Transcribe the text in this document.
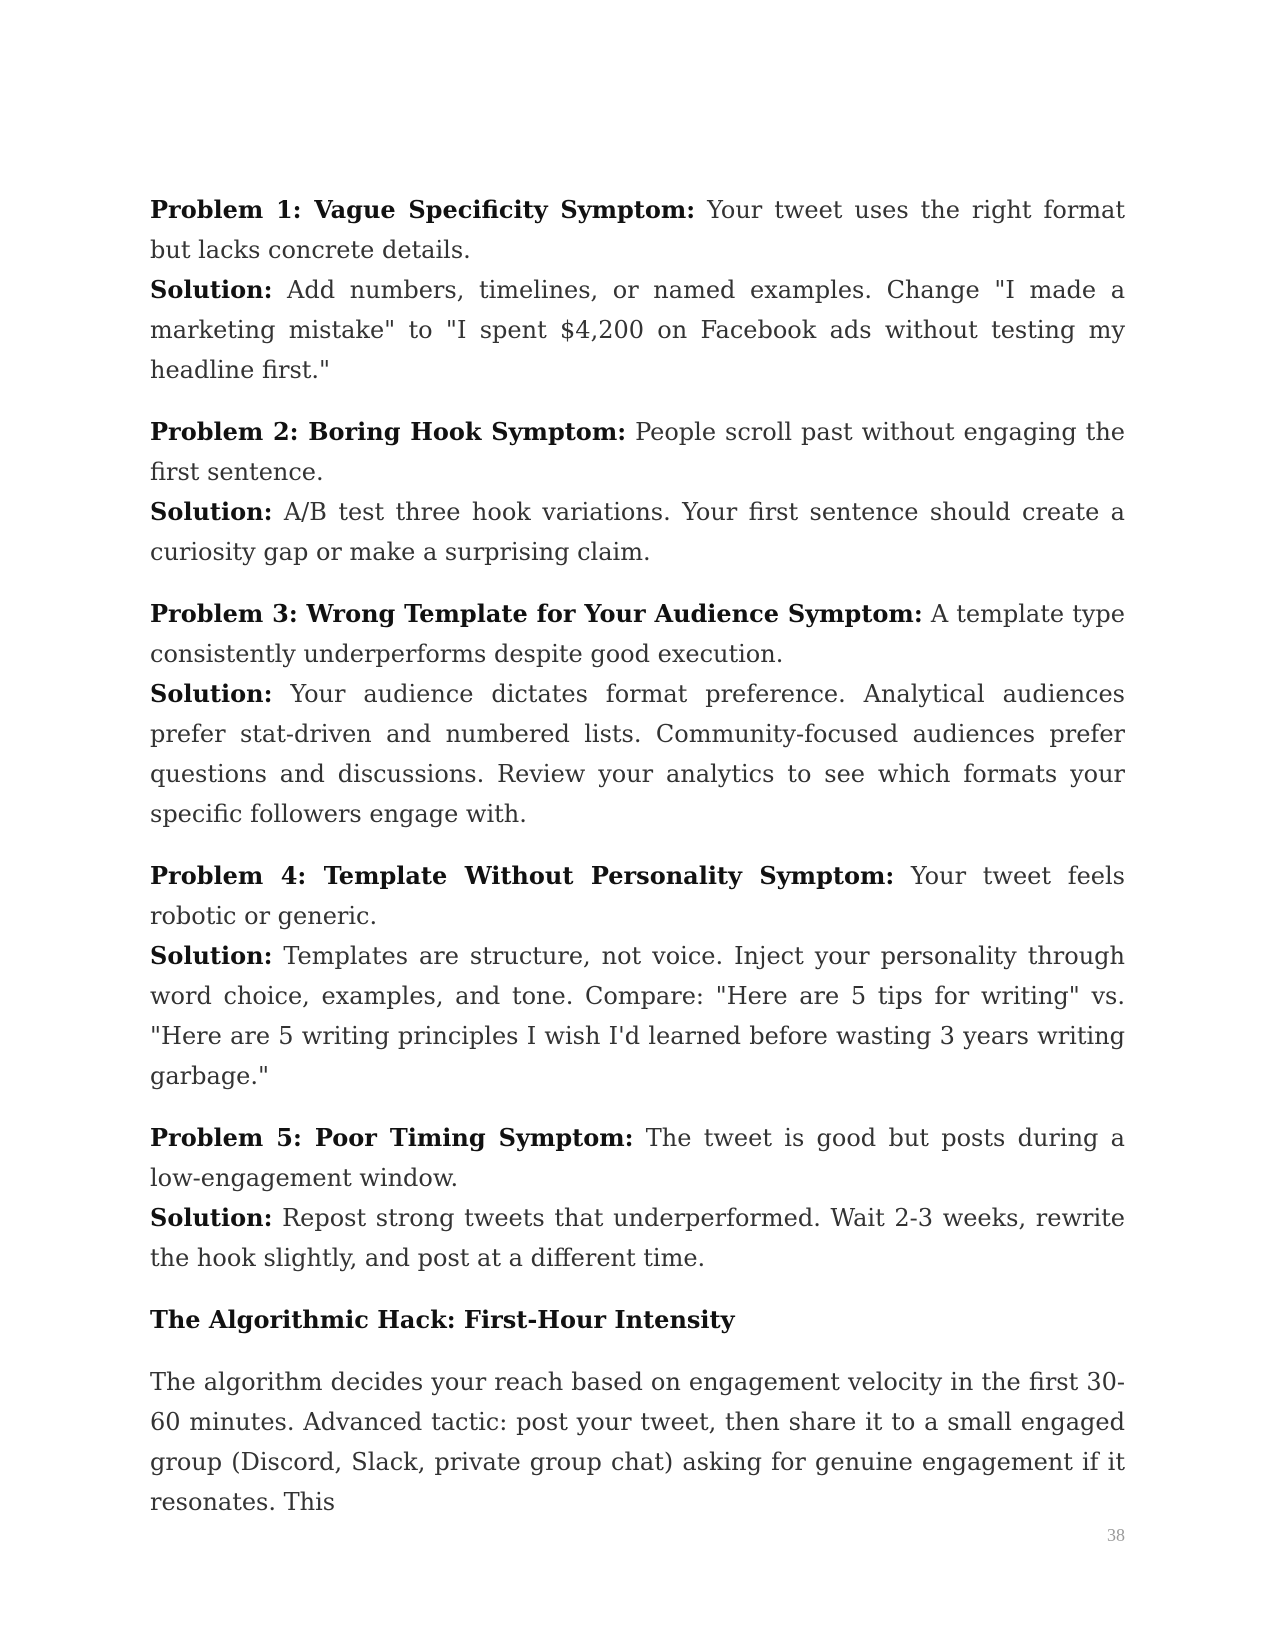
Problem 1: Vague Specificity Symptom: Your tweet uses the right format but lacks concrete details.

Solution: Add numbers, timelines, or named examples. Change "I made a marketing mistake" to "I spent $4,200 on Facebook ads without testing my headline first."

Problem 2: Boring Hook Symptom: People scroll past without engaging the first sentence.

Solution: A/B test three hook variations. Your first sentence should create a curiosity gap or make a surprising claim.

Problem 3: Wrong Template for Your Audience Symptom: A template type consistently underperforms despite good execution.

Solution: Your audience dictates format preference. Analytical audiences prefer stat-driven and numbered lists. Community-focused audiences prefer questions and discussions. Review your analytics to see which formats your specific followers engage with.

Problem 4: Template Without Personality Symptom: Your tweet feels robotic or generic.

Solution: Templates are structure, not voice. Inject your personality through word choice, examples, and tone. Compare: "Here are 5 tips for writing" vs. "Here are 5 writing principles I wish I'd learned before wasting 3 years writing garbage."

Problem 5: Poor Timing Symptom: The tweet is good but posts during a low-engagement window.

Solution: Repost strong tweets that underperformed. Wait 2-3 weeks, rewrite the hook slightly, and post at a different time.

The Algorithmic Hack: First-Hour Intensity

The algorithm decides your reach based on engagement velocity in the first 30-60 minutes. Advanced tactic: post your tweet, then share it to a small engaged group (Discord, Slack, private group chat) asking for genuine engagement if it resonates. This

38
